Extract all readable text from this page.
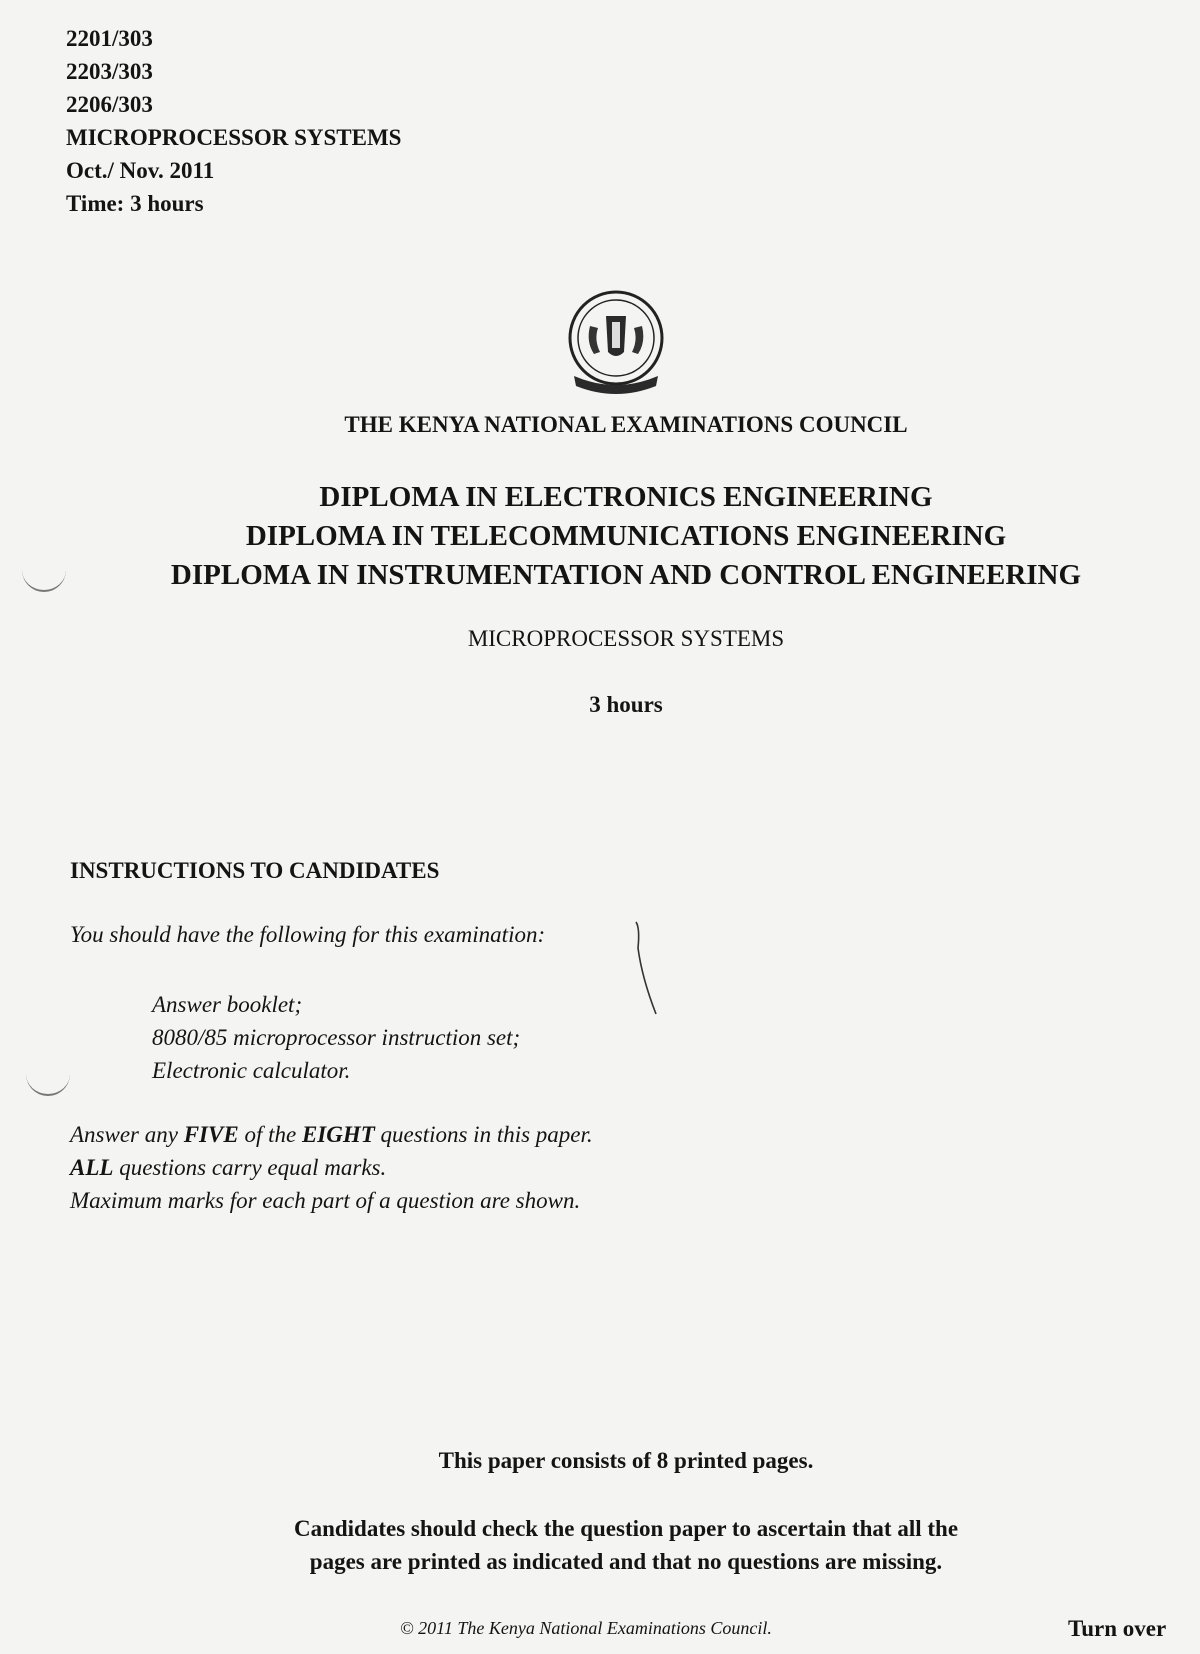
2201/303
2203/303
2206/303
MICROPROCESSOR SYSTEMS
Oct./ Nov. 2011
Time: 3 hours
THE KENYA NATIONAL EXAMINATIONS COUNCIL
DIPLOMA IN ELECTRONICS ENGINEERING
DIPLOMA IN TELECOMMUNICATIONS ENGINEERING
DIPLOMA IN INSTRUMENTATION AND CONTROL ENGINEERING
MICROPROCESSOR SYSTEMS
3 hours
INSTRUCTIONS TO CANDIDATES
You should have the following for this examination:
Answer booklet;
8080/85 microprocessor instruction set;
Electronic calculator.
Answer any FIVE of the EIGHT questions in this paper.
ALL questions carry equal marks.
Maximum marks for each part of a question are shown.
This paper consists of 8 printed pages.
Candidates should check the question paper to ascertain that all the
pages are printed as indicated and that no questions are missing.
© 2011 The Kenya National Examinations Council.	Turn over
